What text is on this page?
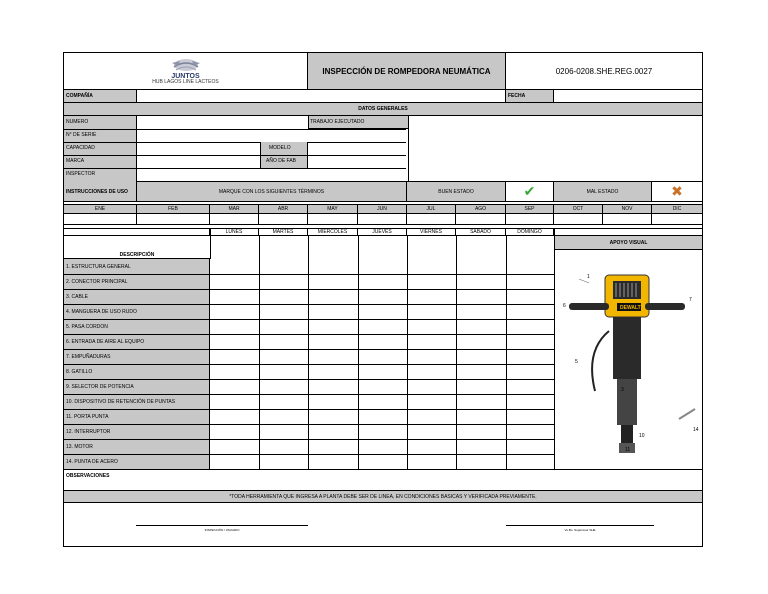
JUNTOS
HUB LAGOS LINE LACTEOS
INSPECCIÓN DE ROMPEDORA NEUMÁTICA	0206-0208.SHE.REG.0027
COMPAÑÍA	FECHA
DATOS GENERALES
NUMERO
N° DE SERIE
CAPACIDAD
MARCA
INSPECTOR
TRABAJO EJECUTADO
MODELO
AÑO DE FAB
INSTRUCCIONES DE USO	MARQUE CON LOS SIGUIENTES TÉRMINOS	BUEN ESTADO	✔	MAL ESTADO	✖
ENE	FEB	MAR	ABR	MAY	JUN	JUL	AGO	SEP	OCT	NOV	DIC
LUNES	MARTES	MIÉRCOLES	JUEVES	VIERNES	SÁBADO	DOMINGO
APOYO VISUAL
DESCRIPCIÓN
1. ESTRUCTURA GENERAL
2. CONECTOR PRINCIPAL
3. CABLE
4. MANGUERA DE USO RUDO
5. PASA CORDON
6. ENTRADA DE AIRE AL EQUIPO
7. EMPUÑADURAS
8. GATILLO
9. SELECTOR DE POTENCIA
10. DISPOSITIVO DE RETENCIÓN DE PUNTAS
11. PORTA PUNTA
12. INTERRUPTOR
13. MOTOR
14. PUNTA DE ACERO
DEWALT
1
3
5
6
7
10
11
14
OBSERVACIONES
*TODA HERRAMIENTA QUE INGRESA A PLANTA DEBE SER DE LINEA, EN CONDICIONES BASICAS Y VERIFICADA PREVIAMENTE.
INSPECCIÓN / USUARIO	Vo.Bo. Supervisor SHE
